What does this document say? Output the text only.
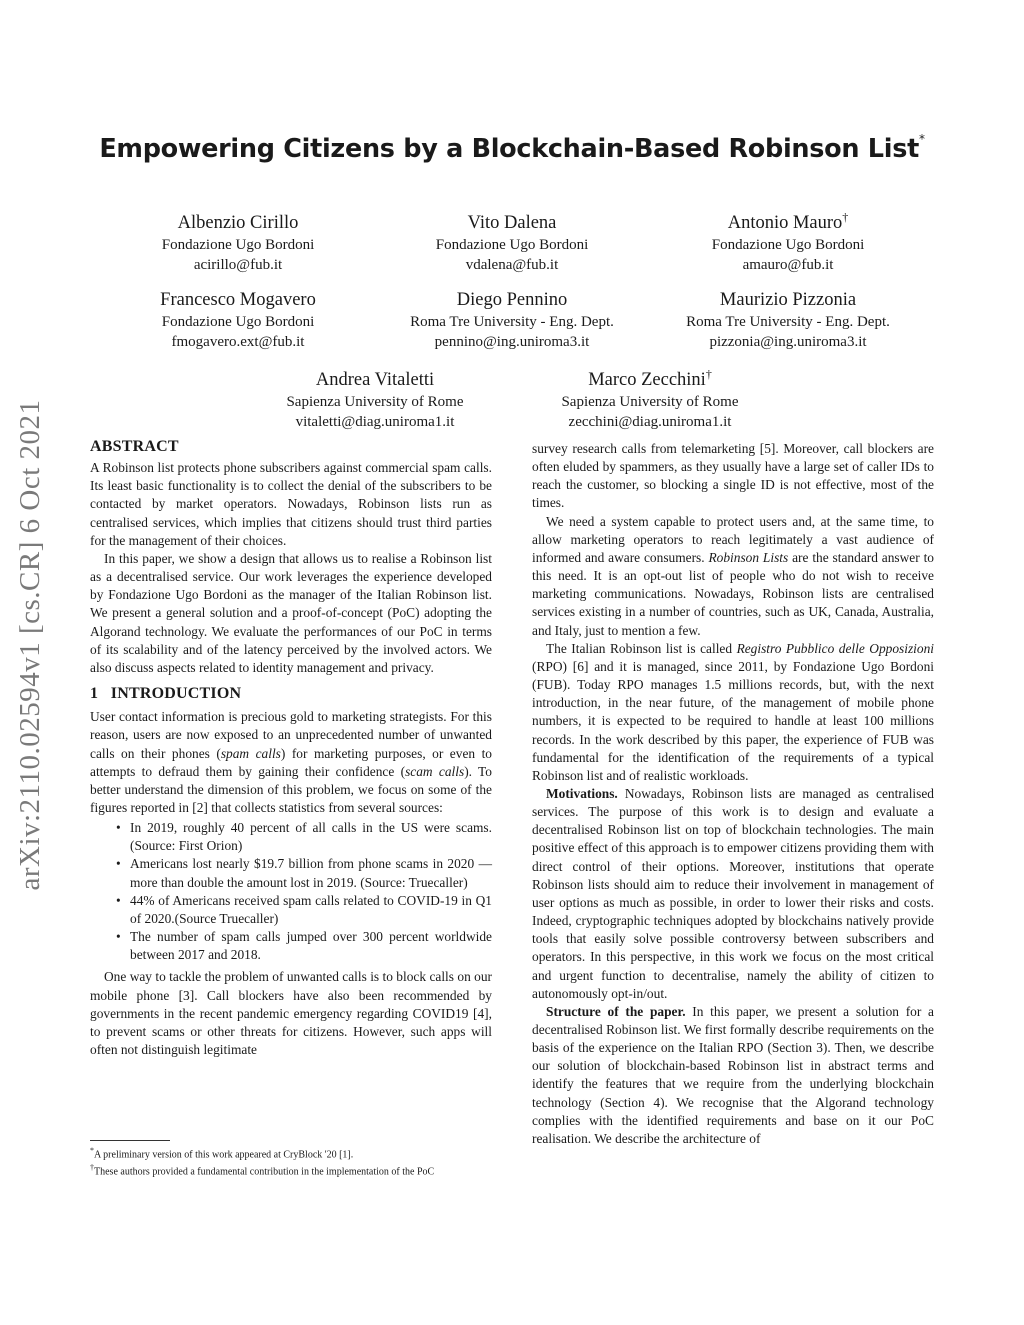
arXiv:2110.02594v1 [cs.CR] 6 Oct 2021
Empowering Citizens by a Blockchain-Based Robinson List*
Albenzio Cirillo
Fondazione Ugo Bordoni
acirillo@fub.it
Vito Dalena
Fondazione Ugo Bordoni
vdalena@fub.it
Antonio Mauro†
Fondazione Ugo Bordoni
amauro@fub.it
Francesco Mogavero
Fondazione Ugo Bordoni
fmogavero.ext@fub.it
Diego Pennino
Roma Tre University - Eng. Dept.
pennino@ing.uniroma3.it
Maurizio Pizzonia
Roma Tre University - Eng. Dept.
pizzonia@ing.uniroma3.it
Andrea Vitaletti
Sapienza University of Rome
vitaletti@diag.uniroma1.it
Marco Zecchini†
Sapienza University of Rome
zecchini@diag.uniroma1.it
ABSTRACT

A Robinson list protects phone subscribers against commercial spam calls. Its least basic functionality is to collect the denial of the subscribers to be contacted by market operators. Nowadays, Robinson lists run as centralised services, which implies that citizens should trust third parties for the management of their choices.

In this paper, we show a design that allows us to realise a Robinson list as a decentralised service. Our work leverages the experience developed by Fondazione Ugo Bordoni as the manager of the Italian Robinson list. We present a general solution and a proof-of-concept (PoC) adopting the Algorand technology. We evaluate the performances of our PoC in terms of its scalability and of the latency perceived by the involved actors. We also discuss aspects related to identity management and privacy.

1   INTRODUCTION

User contact information is precious gold to marketing strategists. For this reason, users are now exposed to an unprecedented number of unwanted calls on their phones (spam calls) for marketing purposes, or even to attempts to defraud them by gaining their confidence (scam calls). To better understand the dimension of this problem, we focus on some of the figures reported in [2] that collects statistics from several sources:

• In 2019, roughly 40 percent of all calls in the US were scams. (Source: First Orion)
• Americans lost nearly $19.7 billion from phone scams in 2020 — more than double the amount lost in 2019. (Source: Truecaller)
• 44% of Americans received spam calls related to COVID-19 in Q1 of 2020.(Source Truecaller)
• The number of spam calls jumped over 300 percent worldwide between 2017 and 2018.

One way to tackle the problem of unwanted calls is to block calls on our mobile phone [3]. Call blockers have also been recommended by governments in the recent pandemic emergency regarding COVID19 [4], to prevent scams or other threats for citizens. However, such apps will often not distinguish legitimate

*A preliminary version of this work appeared at CryBlock '20 [1].
†These authors provided a fundamental contribution in the implementation of the PoC

survey research calls from telemarketing [5]. Moreover, call blockers are often eluded by spammers, as they usually have a large set of caller IDs to reach the customer, so blocking a single ID is not effective, most of the times.

We need a system capable to protect users and, at the same time, to allow marketing operators to reach legitimately a vast audience of informed and aware consumers. Robinson Lists are the standard answer to this need. It is an opt-out list of people who do not wish to receive marketing communications. Nowadays, Robinson lists are centralised services existing in a number of countries, such as UK, Canada, Australia, and Italy, just to mention a few.

The Italian Robinson list is called Registro Pubblico delle Opposizioni (RPO) [6] and it is managed, since 2011, by Fondazione Ugo Bordoni (FUB). Today RPO manages 1.5 millions records, but, with the next introduction, in the near future, of the management of mobile phone numbers, it is expected to be required to handle at least 100 millions records. In the work described by this paper, the experience of FUB was fundamental for the identification of the requirements of a typical Robinson list and of realistic workloads.

Motivations. Nowadays, Robinson lists are managed as centralised services. The purpose of this work is to design and evaluate a decentralised Robinson list on top of blockchain technologies. The main positive effect of this approach is to empower citizens providing them with direct control of their options. Moreover, institutions that operate Robinson lists should aim to reduce their involvement in management of user options as much as possible, in order to lower their risks and costs. Indeed, cryptographic techniques adopted by blockchains natively provide tools that easily solve possible controversy between subscribers and operators. In this perspective, in this work we focus on the most critical and urgent function to decentralise, namely the ability of citizen to autonomously opt-in/out.

Structure of the paper. In this paper, we present a solution for a decentralised Robinson list. We first formally describe requirements on the basis of the experience on the Italian RPO (Section 3). Then, we describe our solution of blockchain-based Robinson list in abstract terms and identify the features that we require from the underlying blockchain technology (Section 4). We recognise that the Algorand technology complies with the identified requirements and base on it our PoC realisation. We describe the architecture of
